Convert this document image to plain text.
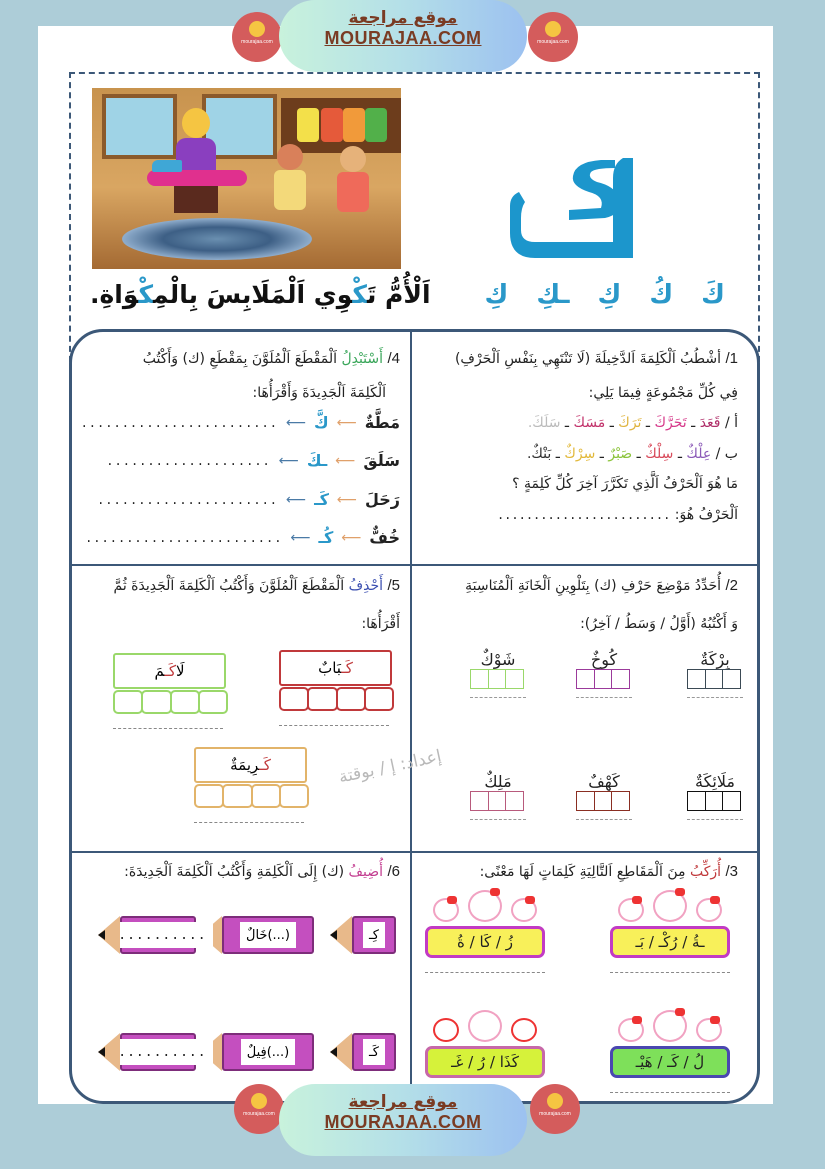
mourajaa.com
موقع مراجعة
MOURAJAA.COM	mourajaa.com
اَلْأُمُّ تَكْوِي اَلْمَلَابِسَ بِالْمِكْوَاةِ.	كَ
كُ
كِ
ـكِ
كِ
1/ أشْطُبُ اَلْكَلِمَةَ اَلدَّخِيلَةَ (لَا تَنْتَهِي بِنَفْسِ اَلْحَرْفِ)
فِي كُلِّ مَجْمُوعَةٍ فِيمَا يَلِي:
أ / قَعَدَ ـ تَحَرَّكَ ـ تَرَكَ ـ مَسَكَ ـ سَلَكَ.
ب / عِلْكٌ ـ سِلْكٌ ـ صَبْرٌ ـ سِرْكٌ ـ بَنْكٌ.
مَا هُوَ اَلْحَرْفُ اَلَّذِي تَكَرَّرَ آخِرَ كُلِّ كَلِمَةٍ ؟
اَلْحَرْفُ هُوَ: ........................
4/ أَسْتَبْدِلُ اَلْمَقْطَعَ اَلْمُلَوَّنَ بِمَقْطَعِ (ك) وَأَكْتُبُ
اَلْكَلِمَةَ اَلْجَدِيدَةَ وَأَقْرَأُهَا:
مَطَّةٌ
⟵
كَّ
⟵
........................
سَلَقَ
⟵
ـكَ
⟵
....................
رَحَلَ
⟵
كَـ
⟵
......................
خُفٌّ
⟵
كُـ
⟵
........................
2/ أُحَدِّدُ مَوْضِعَ حَرْفِ (ك) بِتَلْوِينِ اَلْخَانَةِ اَلْمُنَاسِبَةِ
وَ أَكْتُبُهُ (أَوَّلُ / وَسَطُ / آخِرُ):
بِرْكَةٌ
كُوخٌ
شَوْكٌ
مَلَائِكَةٌ
كَهْفٌ
مَلِكٌ
5/ أَحْذِفُ اَلْمَقْطَعَ اَلْمُلَوَّنَ وَأَكْتُبُ اَلْكَلِمَةَ اَلْجَدِيدَةَ ثُمَّ
أَقْرَأُهَا:
كَـبَابٌ
لَاكَـمَ
كَـرِيمَةٌ	إعداد: إ / بوقتة
3/ أُرَكِّبُ مِنَ اَلْمَقَاطِعِ اَلتَّالِيَةِ كَلِمَاتٍ لَهَا مَعْنًى:
ـةُ / رُكْـ / بَـ
زُ / كَا / ةُ
لُ / كَـ / هَيْـ
كَذَا / رُ / غَـ
6/ أُضِيفُ (ك) إِلَى اَلْكَلِمَةِ وَأَكْتُبُ اَلْكَلِمَةَ اَلْجَدِيدَةَ:
كِـ
(...)خَالٌ
...........
كَـ
(...)فِيلٌ
...........
mourajaa.com
موقع مراجعة
MOURAJAA.COM	mourajaa.com
